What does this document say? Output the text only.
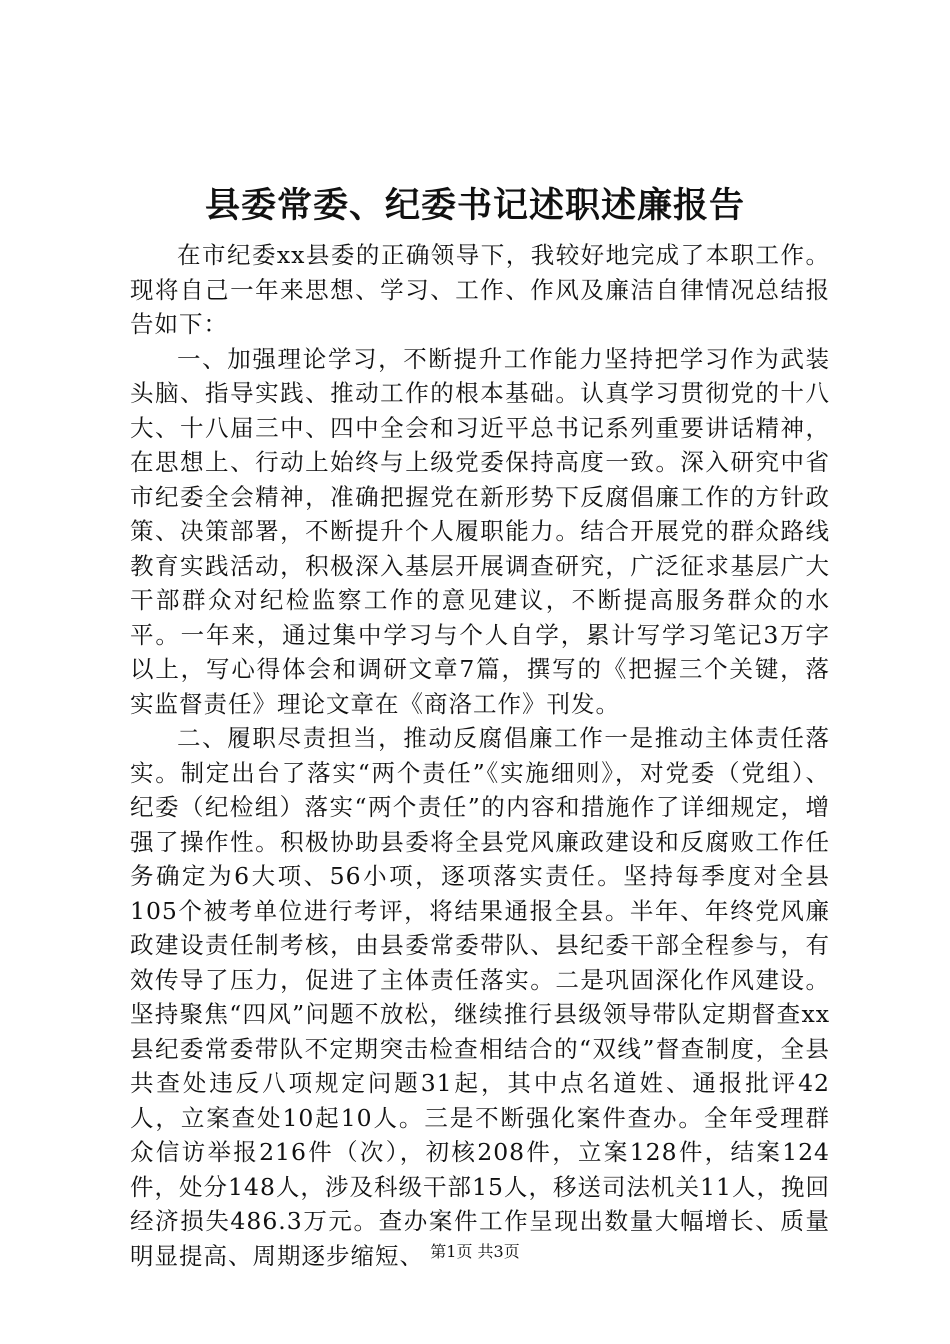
县委常委、纪委书记述职述廉报告

在市纪委xx县委的正确领导下，我较好地完成了本职工作。现将自己一年来思想、学习、工作、作风及廉洁自律情况总结报告如下：

一、加强理论学习，不断提升工作能力坚持把学习作为武装头脑、指导实践、推动工作的根本基础。认真学习贯彻党的十八大、十八届三中、四中全会和习近平总书记系列重要讲话精神，在思想上、行动上始终与上级党委保持高度一致。深入研究中省市纪委全会精神，准确把握党在新形势下反腐倡廉工作的方针政策、决策部署，不断提升个人履职能力。结合开展党的群众路线教育实践活动，积极深入基层开展调查研究，广泛征求基层广大干部群众对纪检监察工作的意见建议，不断提高服务群众的水平。一年来，通过集中学习与个人自学，累计写学习笔记3万字以上，写心得体会和调研文章7篇，撰写的《把握三个关键，落实监督责任》理论文章在《商洛工作》刊发。

二、履职尽责担当，推动反腐倡廉工作一是推动主体责任落实。制定出台了落实“两个责任”《实施细则》，对党委（党组）、纪委（纪检组）落实“两个责任”的内容和措施作了详细规定，增强了操作性。积极协助县委将全县党风廉政建设和反腐败工作任务确定为6大项、56小项，逐项落实责任。坚持每季度对全县105个被考单位进行考评，将结果通报全县。半年、年终党风廉政建设责任制考核，由县委常委带队、县纪委干部全程参与，有效传导了压力，促进了主体责任落实。二是巩固深化作风建设。坚持聚焦“四风”问题不放松，继续推行县级领导带队定期督查xx县纪委常委带队不定期突击检查相结合的“双线”督查制度，全县共查处违反八项规定问题31起，其中点名道姓、通报批评42人，立案查处10起10人。三是不断强化案件查办。全年受理群众信访举报216件（次），初核208件，立案128件，结案124件，处分148人，涉及科级干部15人，移送司法机关11人，挽回经济损失486.3万元。查办案件工作呈现出数量大幅增长、质量明显提高、周期逐步缩短、 第1页 共3页
